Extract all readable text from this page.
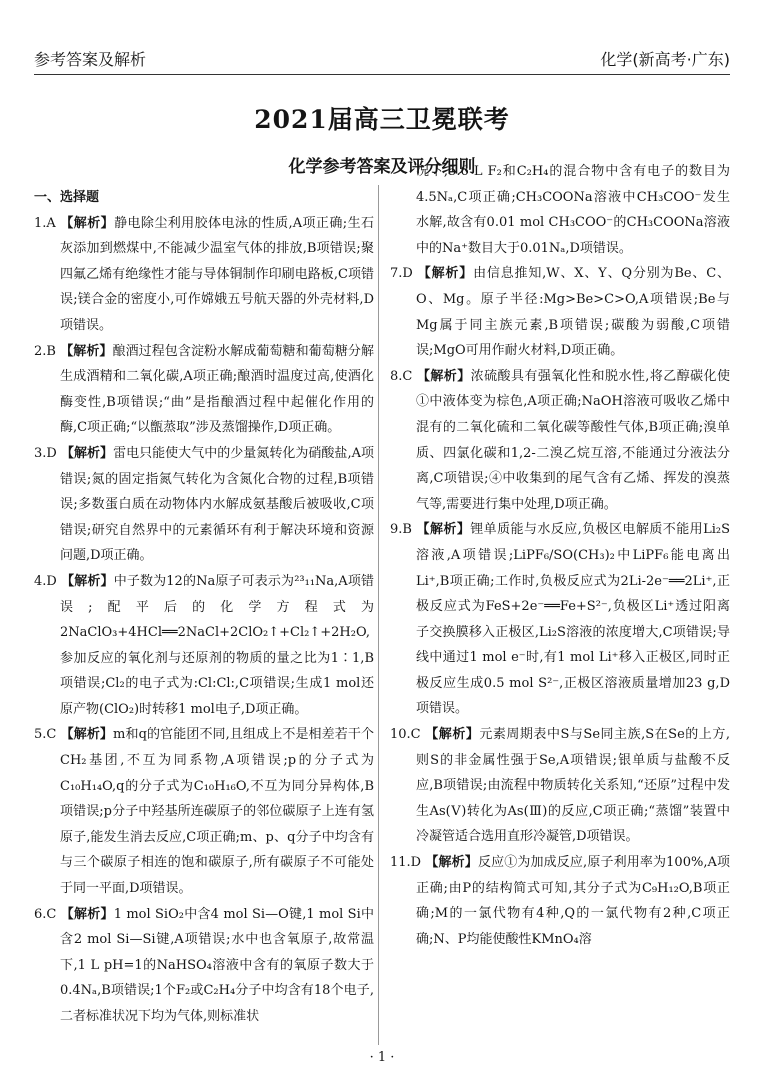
参考答案及解析	化学(新高考·广东)
2021届高三卫冕联考
化学参考答案及评分细则
一、选择题

1.A 【解析】静电除尘利用胶体电泳的性质,A项正确;生石灰添加到燃煤中,不能减少温室气体的排放,B项错误;聚四氟乙烯有绝缘性才能与导体铜制作印刷电路板,C项错误;镁合金的密度小,可作嫦娥五号航天器的外壳材料,D项错误。

2.B 【解析】酿酒过程包含淀粉水解成葡萄糖和葡萄糖分解生成酒精和二氧化碳,A项正确;酿酒时温度过高,使酒化酶变性,B项错误;“曲”是指酿酒过程中起催化作用的酶,C项正确;“以甑蒸取”涉及蒸馏操作,D项正确。

3.D 【解析】雷电只能使大气中的少量氮转化为硝酸盐,A项错误;氮的固定指氮气转化为含氮化合物的过程,B项错误;多数蛋白质在动物体内水解成氨基酸后被吸收,C项错误;研究自然界中的元素循环有利于解决环境和资源问题,D项正确。

4.D 【解析】中子数为12的Na原子可表示为²³₁₁Na,A项错误;配平后的化学方程式为2NaClO₃+4HCl══2NaCl+2ClO₂↑+Cl₂↑+2H₂O,参加反应的氧化剂与还原剂的物质的量之比为1∶1,B项错误;Cl₂的电子式为:Cl:Cl:,C项错误;生成1 mol还原产物(ClO₂)时转移1 mol电子,D项正确。

5.C 【解析】m和q的官能团不同,且组成上不是相差若干个CH₂基团,不互为同系物,A项错误;p的分子式为C₁₀H₁₄O,q的分子式为C₁₀H₁₆O,不互为同分异构体,B项错误;p分子中羟基所连碳原子的邻位碳原子上连有氢原子,能发生消去反应,C项正确;m、p、q分子中均含有与三个碳原子相连的饱和碳原子,所有碳原子不可能处于同一平面,D项错误。

6.C 【解析】1 mol SiO₂中含4 mol Si—O键,1 mol Si中含2 mol Si—Si键,A项错误;水中也含氧原子,故常温下,1 L pH=1的NaHSO₄溶液中含有的氧原子数大于0.4Nₐ,B项错误;1个F₂或C₂H₄分子中均含有18个电子,二者标准状况下均为气体,则标准状

况下,5.6 L F₂和C₂H₄的混合物中含有电子的数目为4.5Nₐ,C项正确;CH₃COONa溶液中CH₃COO⁻发生水解,故含有0.01 mol CH₃COO⁻的CH₃COONa溶液中的Na⁺数目大于0.01Nₐ,D项错误。

7.D 【解析】由信息推知,W、X、Y、Q分别为Be、C、O、Mg。原子半径:Mg>Be>C>O,A项错误;Be与Mg属于同主族元素,B项错误;碳酸为弱酸,C项错误;MgO可用作耐火材料,D项正确。

8.C 【解析】浓硫酸具有强氧化性和脱水性,将乙醇碳化使①中液体变为棕色,A项正确;NaOH溶液可吸收乙烯中混有的二氧化硫和二氧化碳等酸性气体,B项正确;溴单质、四氯化碳和1,2-二溴乙烷互溶,不能通过分液法分离,C项错误;④中收集到的尾气含有乙烯、挥发的溴蒸气等,需要进行集中处理,D项正确。

9.B 【解析】锂单质能与水反应,负极区电解质不能用Li₂S溶液,A项错误;LiPF₆/SO(CH₃)₂中LiPF₆能电离出Li⁺,B项正确;工作时,负极反应式为2Li-2e⁻══2Li⁺,正极反应式为FeS+2e⁻══Fe+S²⁻,负极区Li⁺透过阳离子交换膜移入正极区,Li₂S溶液的浓度增大,C项错误;导线中通过1 mol e⁻时,有1 mol Li⁺移入正极区,同时正极反应生成0.5 mol S²⁻,正极区溶液质量增加23 g,D项错误。

10.C 【解析】元素周期表中S与Se同主族,S在Se的上方,则S的非金属性强于Se,A项错误;银单质与盐酸不反应,B项错误;由流程中物质转化关系知,“还原”过程中发生As(Ⅴ)转化为As(Ⅲ)的反应,C项正确;“蒸馏”装置中冷凝管适合选用直形冷凝管,D项错误。

11.D 【解析】反应①为加成反应,原子利用率为100%,A项正确;由P的结构简式可知,其分子式为C₉H₁₂O,B项正确;M的一氯代物有4种,Q的一氯代物有2种,C项正确;N、P均能使酸性KMnO₄溶

· 1 ·
